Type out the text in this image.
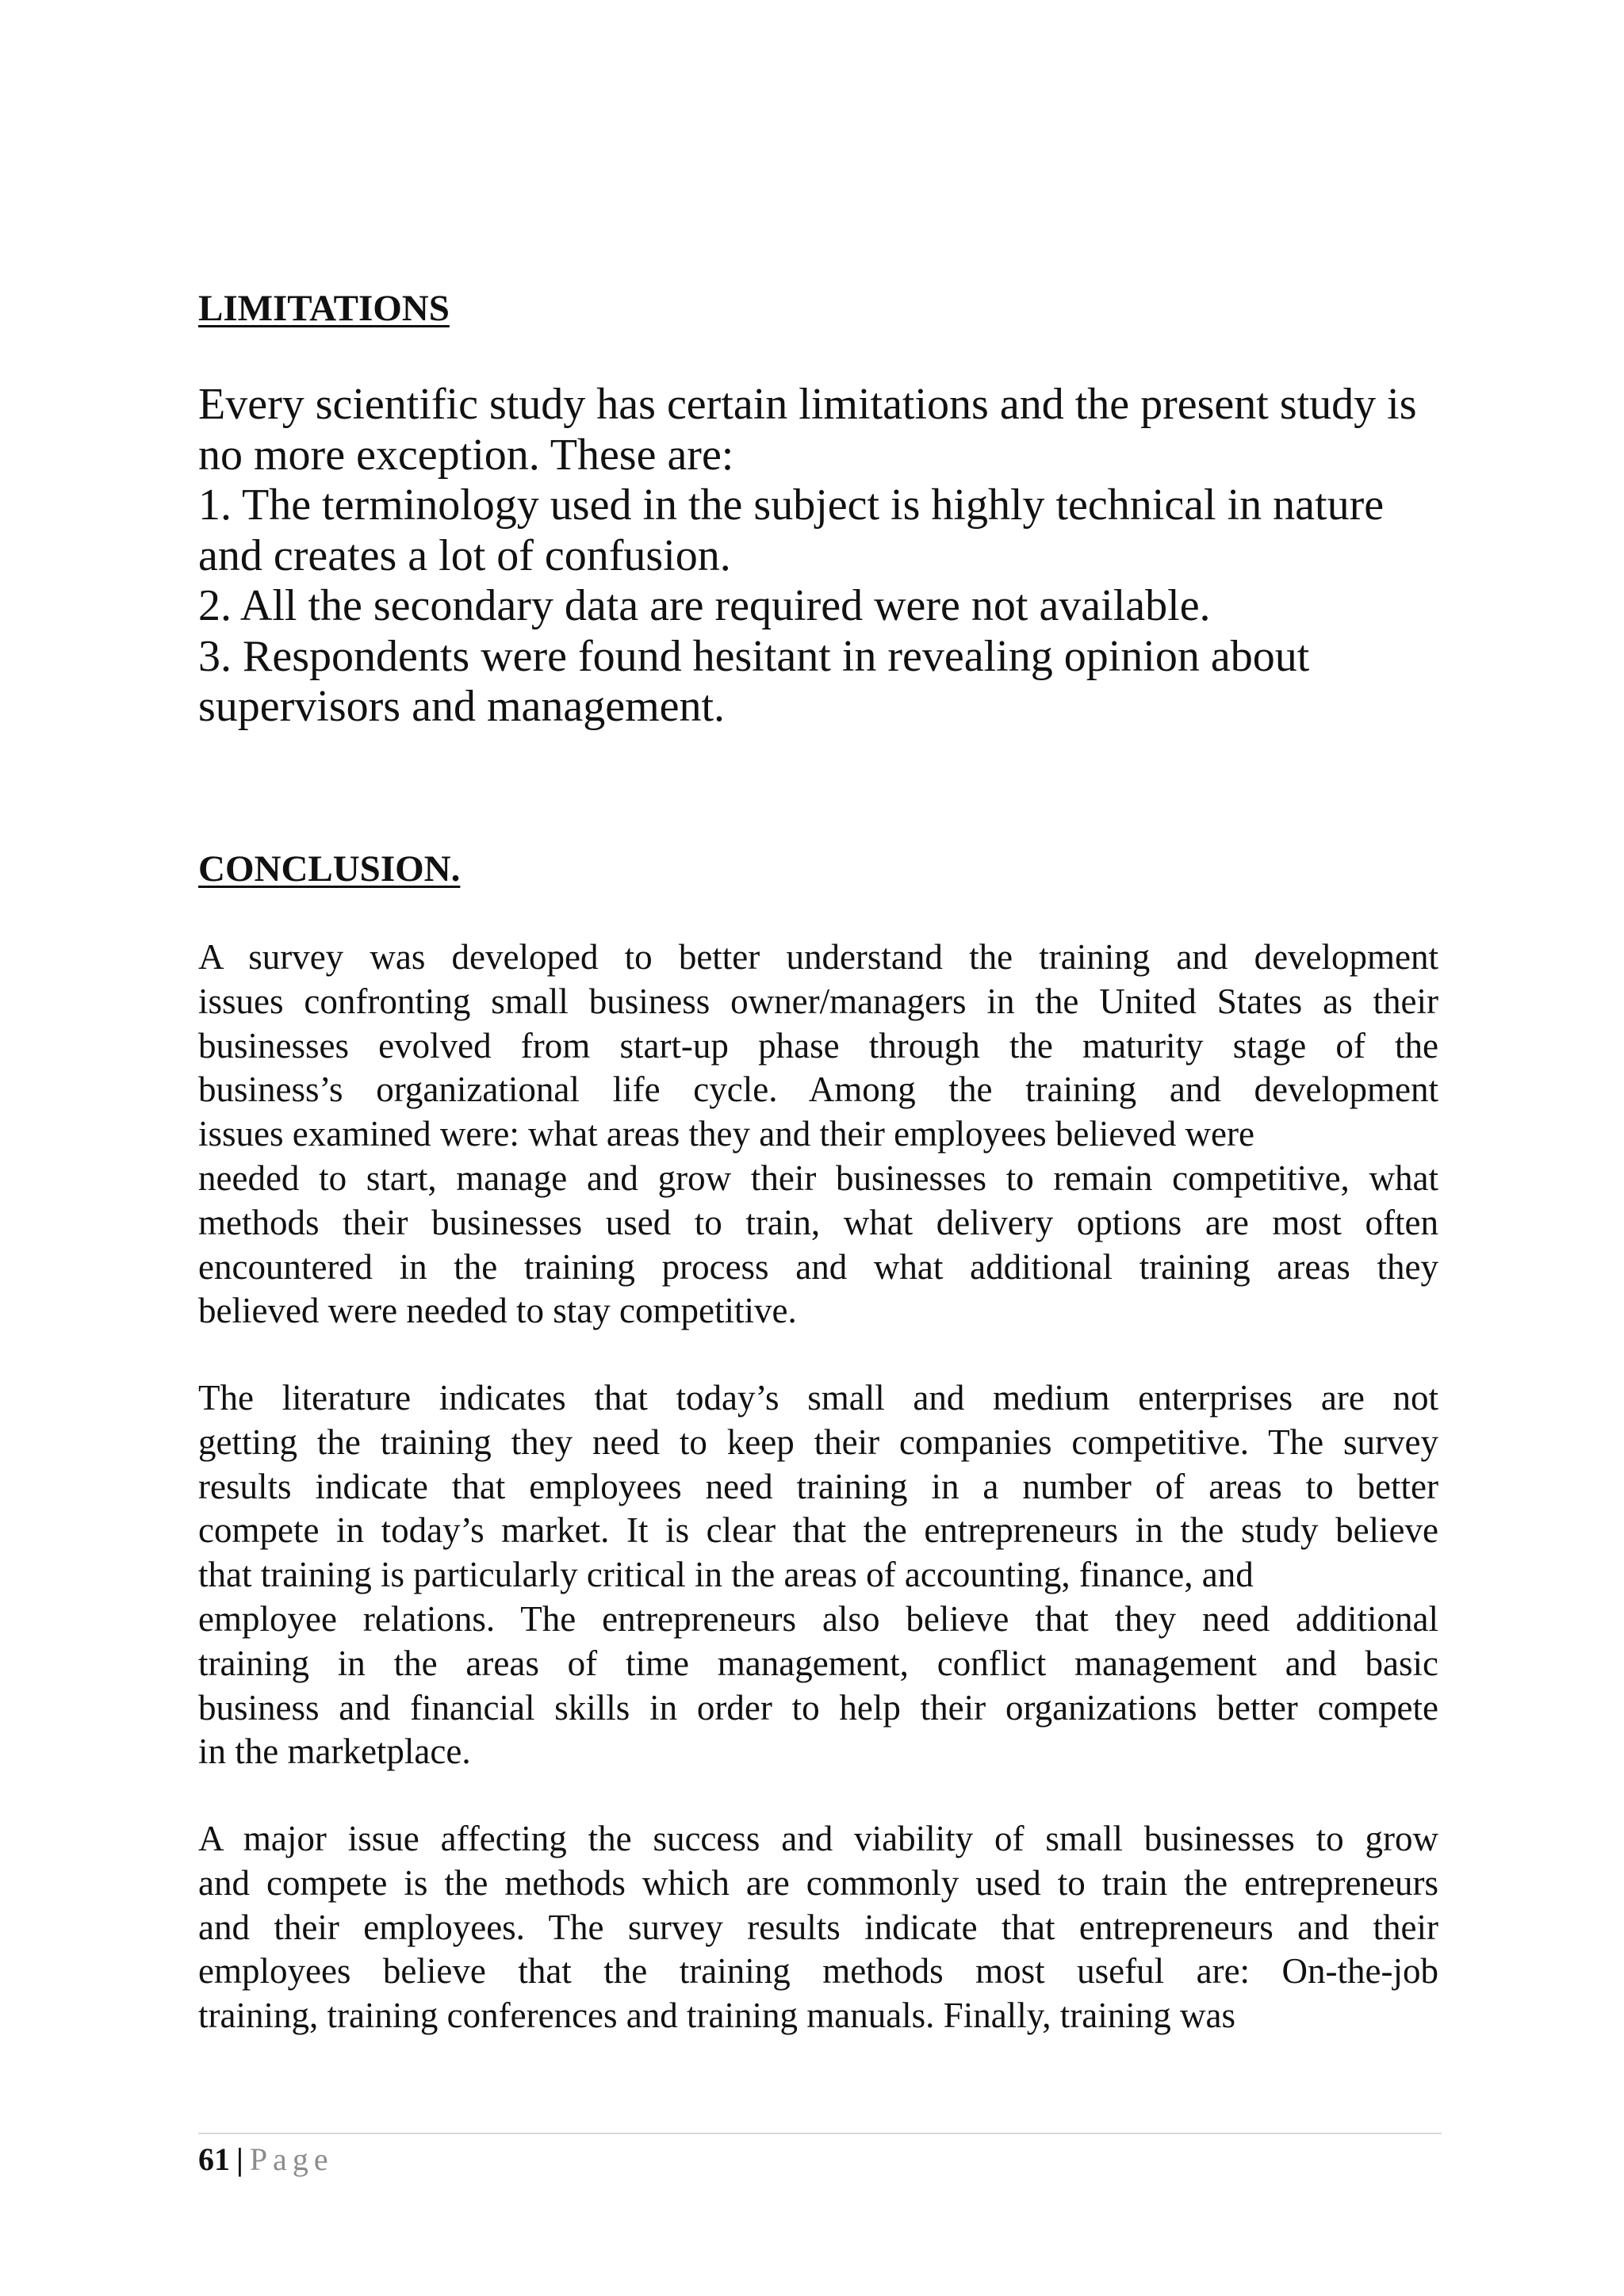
LIMITATIONS
Every scientific study has certain limitations and the present study is
no more exception. These are:
1. The terminology used in the subject is highly technical in nature
and creates a lot of confusion.
2. All the secondary data are required were not available.
3. Respondents were found hesitant in revealing opinion about
supervisors and management.
CONCLUSION.
A survey was developed to better understand the training and development
issues confronting small business owner/managers in the United States as their
businesses evolved from start-up phase through the maturity stage of the
business’s organizational life cycle. Among the training and development
issues examined were: what areas they and their employees believed were
needed to start, manage and grow their businesses to remain competitive, what
methods their businesses used to train, what delivery options are most often
encountered in the training process and what additional training areas they
believed were needed to stay competitive.
The literature indicates that today’s small and medium enterprises are not
getting the training they need to keep their companies competitive. The survey
results indicate that employees need training in a number of areas to better
compete in today’s market. It is clear that the entrepreneurs in the study believe
that training is particularly critical in the areas of accounting, finance, and
employee relations. The entrepreneurs also believe that they need additional
training in the areas of time management, conflict management and basic
business and financial skills in order to help their organizations better compete
in the marketplace.
A major issue affecting the success and viability of small businesses to grow
and compete is the methods which are commonly used to train the entrepreneurs
and their employees. The survey results indicate that entrepreneurs and their
employees believe that the training methods most useful are: On-the-job
training, training conferences and training manuals. Finally, training was
61 | Page
